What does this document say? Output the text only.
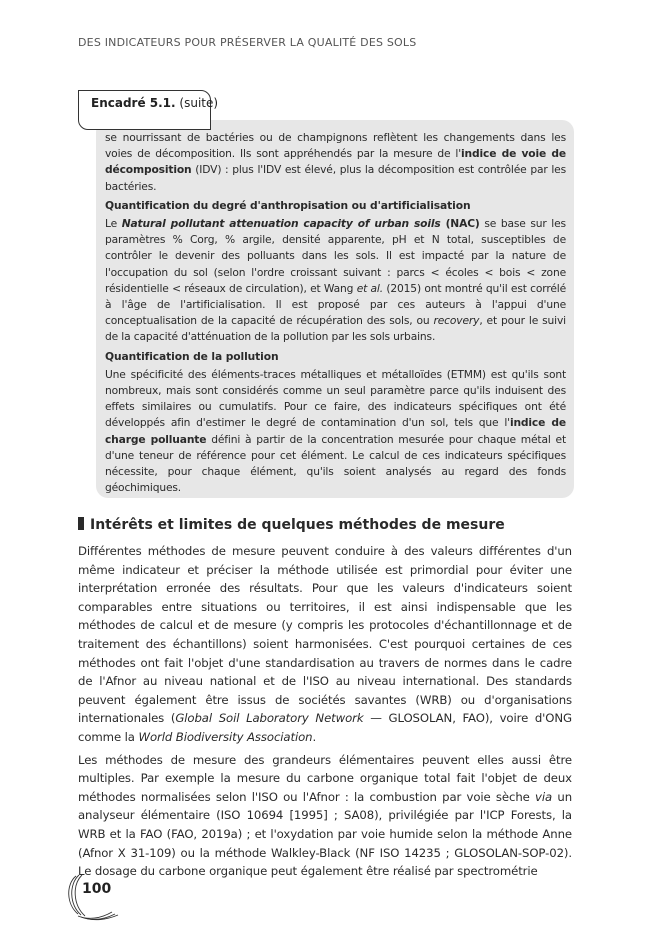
DES INDICATEURS POUR PRÉSERVER LA QUALITÉ DES SOLS
Encadré 5.1. (suite)

se nourrissant de bactéries ou de champignons reflètent les changements dans les voies de décomposition. Ils sont appréhendés par la mesure de l'indice de voie de décomposition (IDV) : plus l'IDV est élevé, plus la décomposition est contrôlée par les bactéries.

Quantification du degré d'anthropisation ou d'artificialisation

Le Natural pollutant attenuation capacity of urban soils (NAC) se base sur les paramètres % Corg, % argile, densité apparente, pH et N total, susceptibles de contrôler le devenir des polluants dans les sols. Il est impacté par la nature de l'occupation du sol (selon l'ordre croissant suivant : parcs < écoles < bois < zone résidentielle < réseaux de circulation), et Wang et al. (2015) ont montré qu'il est corrélé à l'âge de l'artificialisation. Il est proposé par ces auteurs à l'appui d'une conceptualisation de la capacité de récupération des sols, ou recovery, et pour le suivi de la capacité d'atténuation de la pollution par les sols urbains.

Quantification de la pollution

Une spécificité des éléments-traces métalliques et métalloïdes (ETMM) est qu'ils sont nombreux, mais sont considérés comme un seul paramètre parce qu'ils induisent des effets similaires ou cumulatifs. Pour ce faire, des indicateurs spécifiques ont été développés afin d'estimer le degré de contamination d'un sol, tels que l'indice de charge polluante défini à partir de la concentration mesurée pour chaque métal et d'une teneur de référence pour cet élément. Le calcul de ces indicateurs spécifiques nécessite, pour chaque élément, qu'ils soient analysés au regard des fonds géochimiques.

Intérêts et limites de quelques méthodes de mesure

Différentes méthodes de mesure peuvent conduire à des valeurs différentes d'un même indicateur et préciser la méthode utilisée est primordial pour éviter une interprétation erronée des résultats. Pour que les valeurs d'indicateurs soient comparables entre situations ou territoires, il est ainsi indispensable que les méthodes de calcul et de mesure (y compris les protocoles d'échantillonnage et de traitement des échantillons) soient harmonisées. C'est pourquoi certaines de ces méthodes ont fait l'objet d'une standardisation au travers de normes dans le cadre de l'Afnor au niveau national et de l'ISO au niveau international. Des standards peuvent également être issus de sociétés savantes (WRB) ou d'organisations internationales (Global Soil Laboratory Network — GLOSOLAN, FAO), voire d'ONG comme la World Biodiversity Association.

Les méthodes de mesure des grandeurs élémentaires peuvent elles aussi être multiples. Par exemple la mesure du carbone organique total fait l'objet de deux méthodes normalisées selon l'ISO ou l'Afnor : la combustion par voie sèche via un analyseur élémentaire (ISO 10694 [1995] ; SA08), privilégiée par l'ICP Forests, la WRB et la FAO (FAO, 2019a) ; et l'oxydation par voie humide selon la méthode Anne (Afnor X 31-109) ou la méthode Walkley-Black (NF ISO 14235 ; GLOSOLAN-SOP-02). Le dosage du carbone organique peut également être réalisé par spectrométrie

100
